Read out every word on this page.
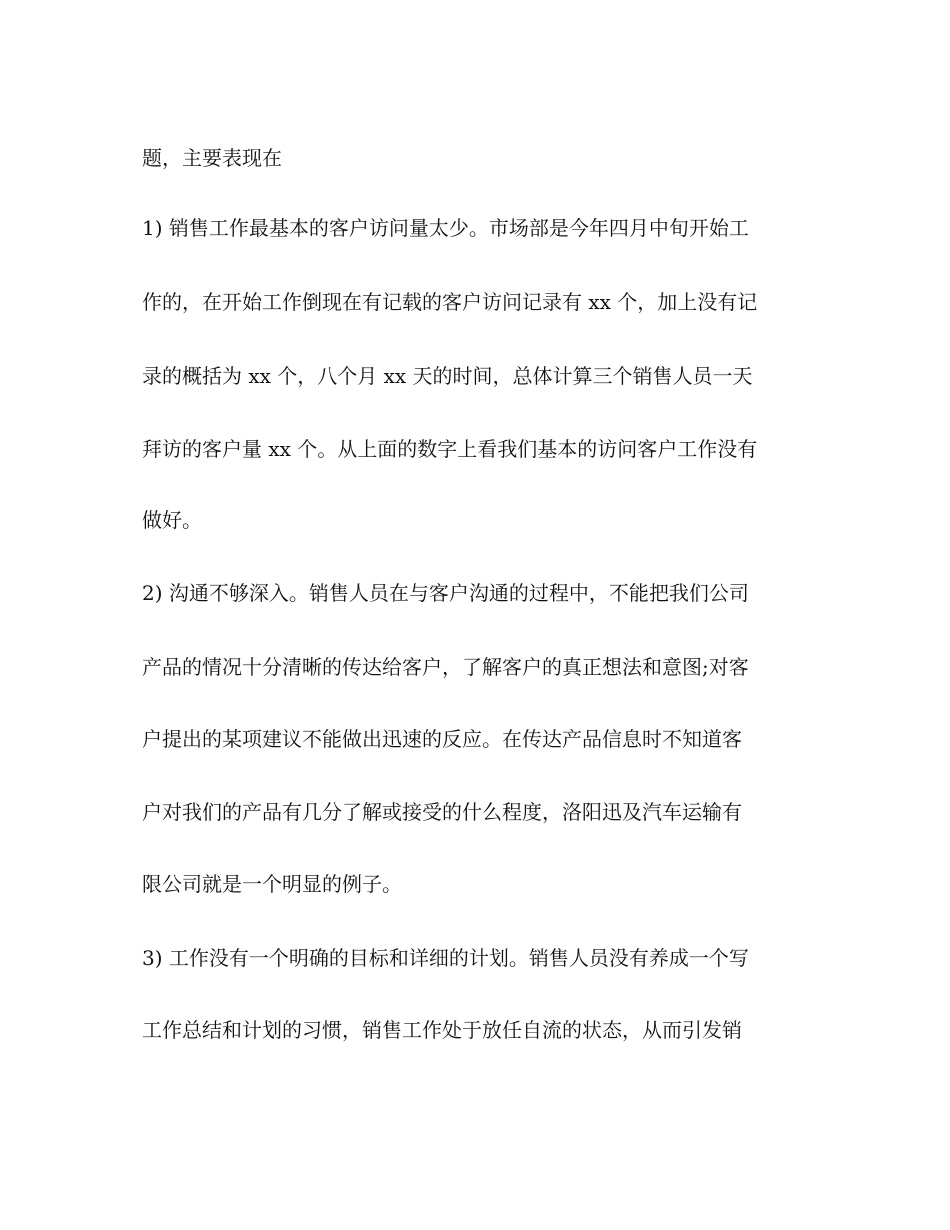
题，主要表现在
1) 销售工作最基本的客户访问量太少。市场部是今年四月中旬开始工
作的，在开始工作倒现在有记载的客户访问记录有 xx 个，加上没有记
录的概括为 xx 个，八个月 xx 天的时间，总体计算三个销售人员一天
拜访的客户量 xx 个。从上面的数字上看我们基本的访问客户工作没有
做好。
2) 沟通不够深入。销售人员在与客户沟通的过程中，不能把我们公司
产品的情况十分清晰的传达给客户，了解客户的真正想法和意图;对客
户提出的某项建议不能做出迅速的反应。在传达产品信息时不知道客
户对我们的产品有几分了解或接受的什么程度，洛阳迅及汽车运输有
限公司就是一个明显的例子。
3) 工作没有一个明确的目标和详细的计划。销售人员没有养成一个写
工作总结和计划的习惯，销售工作处于放任自流的状态，从而引发销
